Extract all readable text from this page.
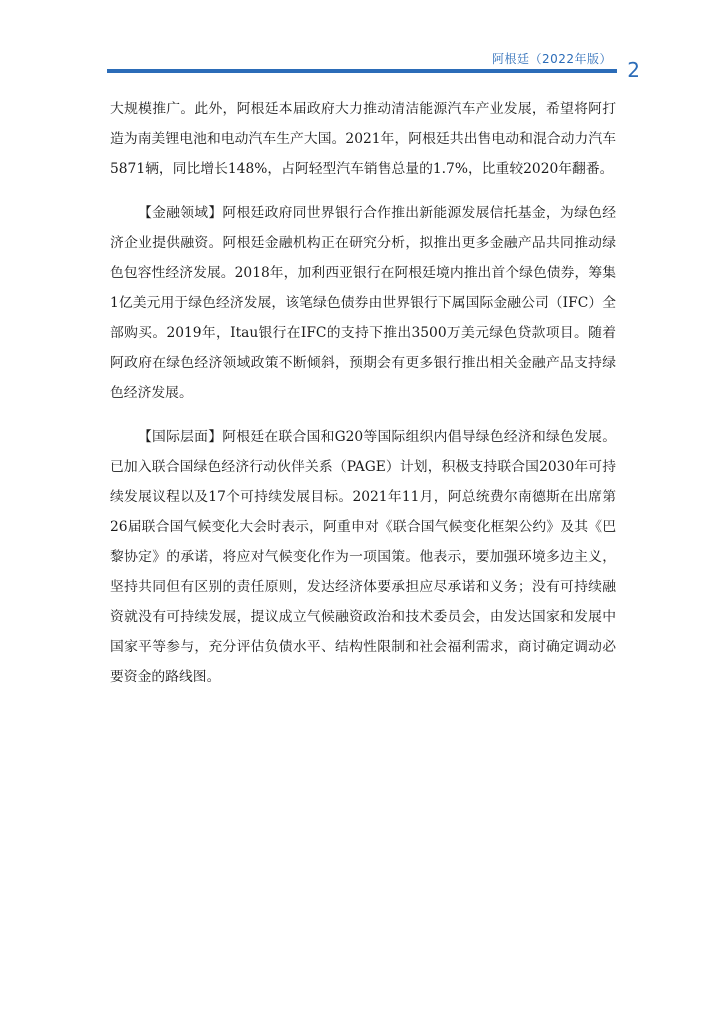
阿根廷（2022年版） 2

大规模推广。此外，阿根廷本届政府大力推动清洁能源汽车产业发展，希望将阿打造为南美锂电池和电动汽车生产大国。2021年，阿根廷共出售电动和混合动力汽车5871辆，同比增长148%，占阿轻型汽车销售总量的1.7%，比重较2020年翻番。

【金融领域】阿根廷政府同世界银行合作推出新能源发展信托基金，为绿色经济企业提供融资。阿根廷金融机构正在研究分析，拟推出更多金融产品共同推动绿色包容性经济发展。2018年，加利西亚银行在阿根廷境内推出首个绿色债券，筹集1亿美元用于绿色经济发展，该笔绿色债券由世界银行下属国际金融公司（IFC）全部购买。2019年，Itau银行在IFC的支持下推出3500万美元绿色贷款项目。随着阿政府在绿色经济领域政策不断倾斜，预期会有更多银行推出相关金融产品支持绿色经济发展。

【国际层面】阿根廷在联合国和G20等国际组织内倡导绿色经济和绿色发展。已加入联合国绿色经济行动伙伴关系（PAGE）计划，积极支持联合国2030年可持续发展议程以及17个可持续发展目标。2021年11月，阿总统费尔南德斯在出席第26届联合国气候变化大会时表示，阿重申对《联合国气候变化框架公约》及其《巴黎协定》的承诺，将应对气候变化作为一项国策。他表示，要加强环境多边主义，坚持共同但有区别的责任原则，发达经济体要承担应尽承诺和义务；没有可持续融资就没有可持续发展，提议成立气候融资政治和技术委员会，由发达国家和发展中国家平等参与，充分评估负债水平、结构性限制和社会福利需求，商讨确定调动必要资金的路线图。
